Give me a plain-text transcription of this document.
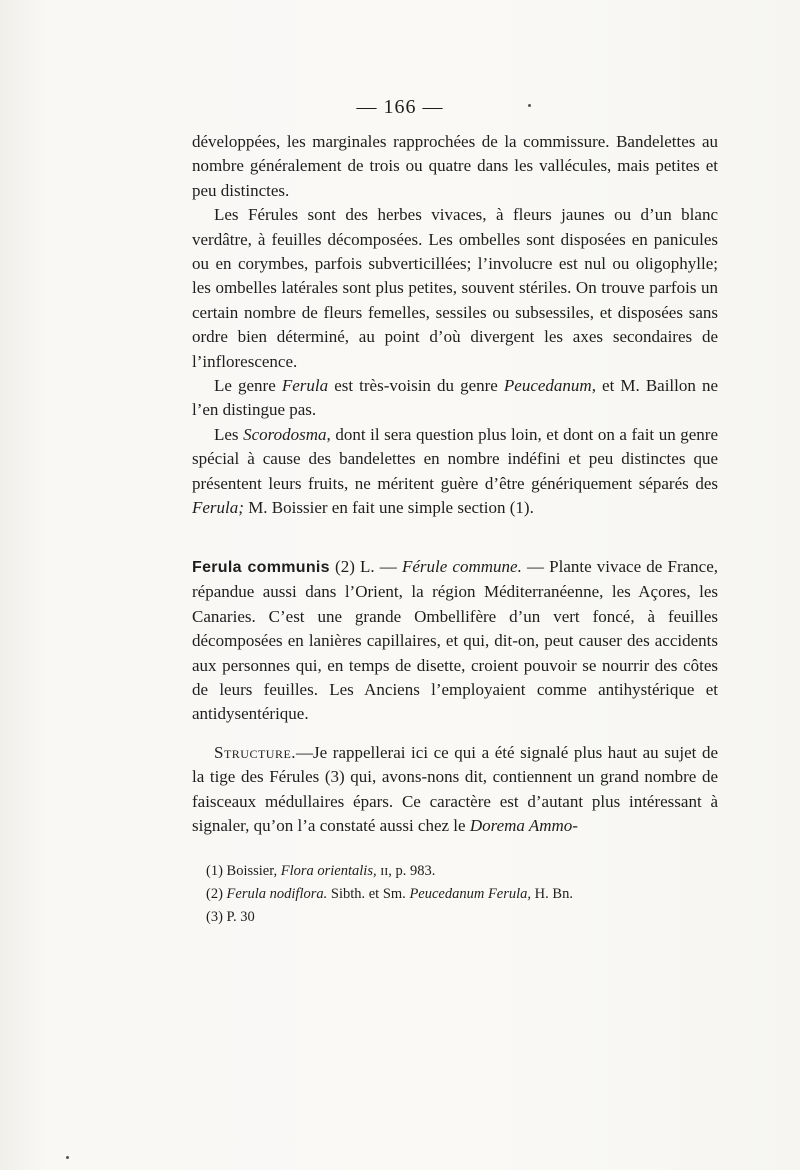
— 166 —

développées, les marginales rapprochées de la commissure. Bandelettes au nombre généralement de trois ou quatre dans les vallécules, mais petites et peu distinctes.

Les Férules sont des herbes vivaces, à fleurs jaunes ou d’un blanc verdâtre, à feuilles décomposées. Les ombelles sont disposées en panicules ou en corymbes, parfois subverticillées; l’involucre est nul ou oligophylle; les ombelles latérales sont plus petites, souvent stériles. On trouve parfois un certain nombre de fleurs femelles, sessiles ou subsessiles, et disposées sans ordre bien déterminé, au point d’où divergent les axes secondaires de l’inflorescence.

Le genre Ferula est très-voisin du genre Peucedanum, et M. Baillon ne l’en distingue pas.

Les Scorodosma, dont il sera question plus loin, et dont on a fait un genre spécial à cause des bandelettes en nombre indéfini et peu distinctes que présentent leurs fruits, ne méritent guère d’être génériquement séparés des Ferula; M. Boissier en fait une simple section (1).

Ferula communis (2) L. — Férule commune. — Plante vivace de France, répandue aussi dans l’Orient, la région Méditerranéenne, les Açores, les Canaries. C’est une grande Ombellifère d’un vert foncé, à feuilles décomposées en lanières capillaires, et qui, dit-on, peut causer des accidents aux personnes qui, en temps de disette, croient pouvoir se nourrir des côtes de leurs feuilles. Les Anciens l’employaient comme antihystérique et antidysentérique.

Structure.—Je rappellerai ici ce qui a été signalé plus haut au sujet de la tige des Férules (3) qui, avons-nons dit, contiennent un grand nombre de faisceaux médullaires épars. Ce caractère est d’autant plus intéressant à signaler, qu’on l’a constaté aussi chez le Dorema Ammo-

(1) Boissier, Flora orientalis, ɪɪ, p. 983.

(2) Ferula nodiflora. Sibth. et Sm. Peucedanum Ferula, H. Bn.

(3) P. 30
